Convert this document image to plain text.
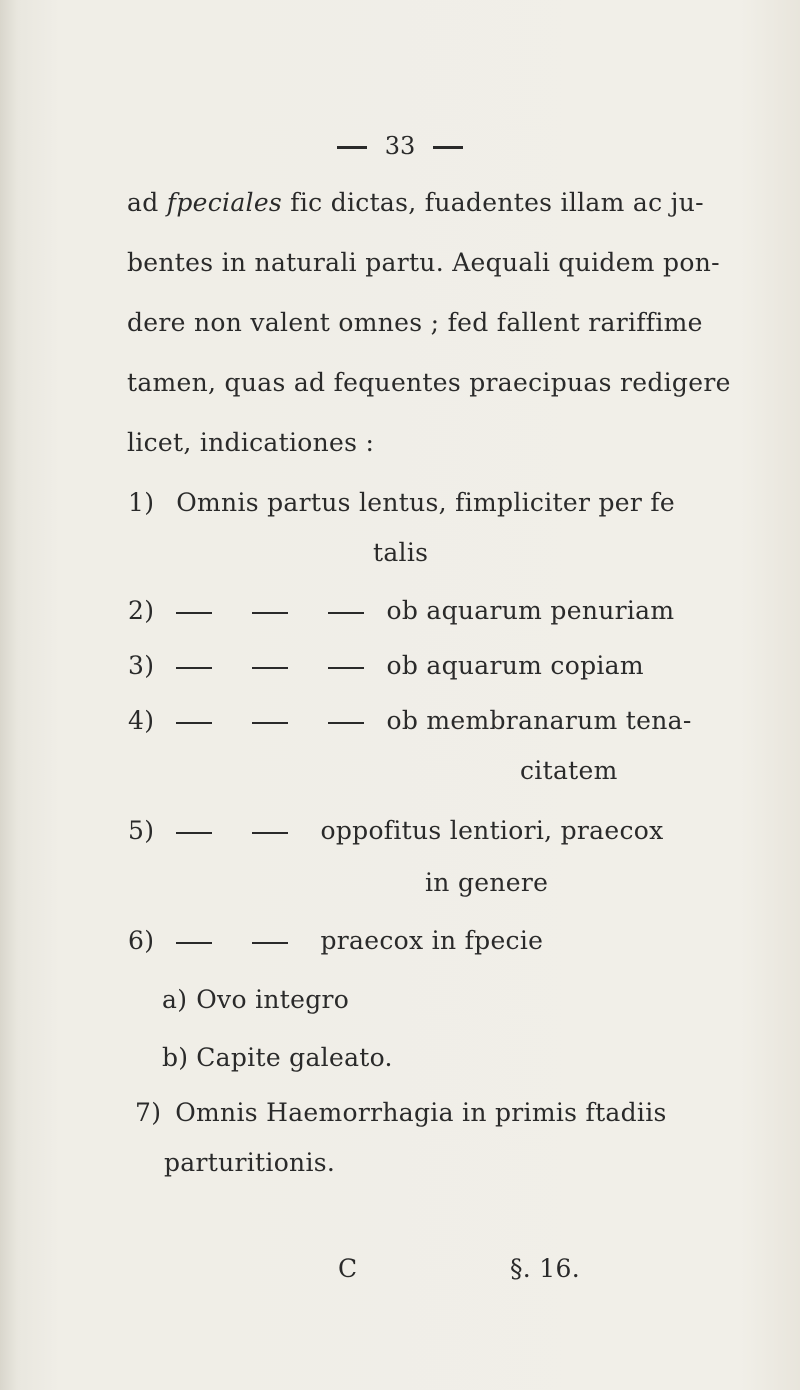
33
ad fpeciales fic dictas, fuadentes illam ac ju-
bentes in naturali partu. Aequali quidem pon-
dere non valent omnes ; fed fallent rariffime
tamen, quas ad fequentes praecipuas redigere
licet, indicationes :
1) Omnis partus lentus, fimpliciter per fe
talis
2)	ob aquarum penuriam
3)	ob aquarum copiam
4)	ob membranarum tena-
citatem
5)	oppofitus lentiori, praecox
in genere
6)	praecox in fpecie
a) Ovo integro
b) Capite galeato.
7) Omnis Haemorrhagia in primis ftadiis
parturitionis.
C	§. 16.
